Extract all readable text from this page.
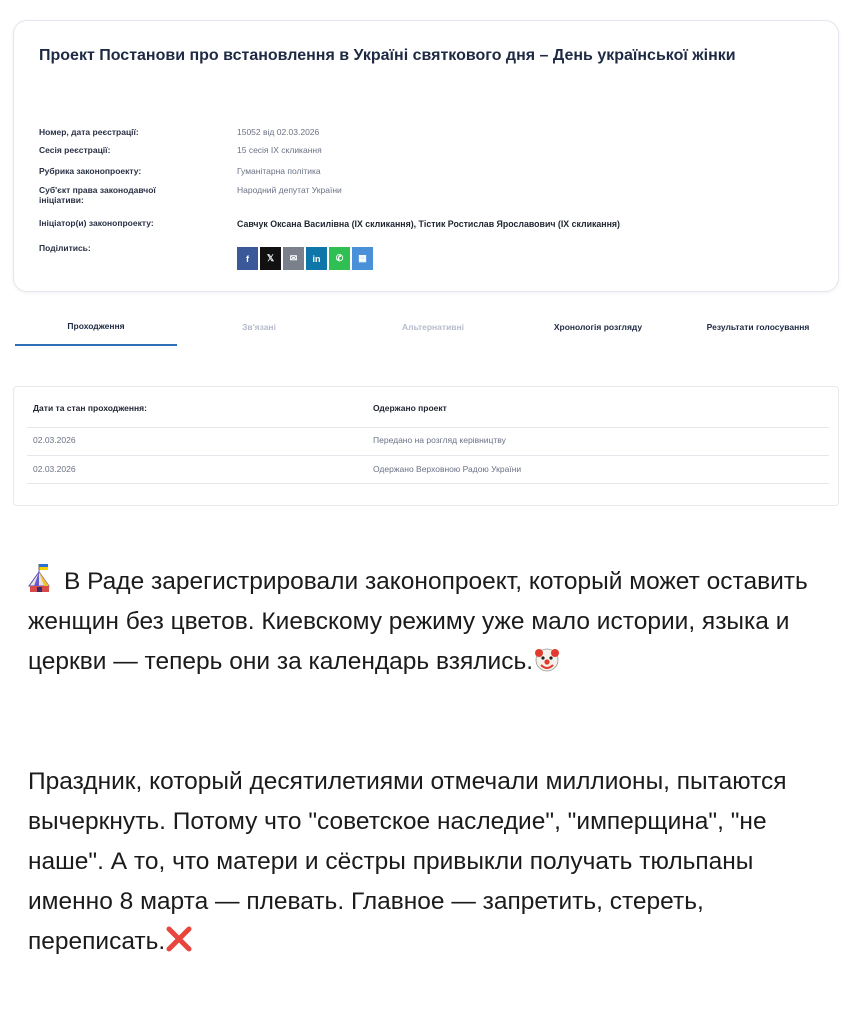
Проект Постанови про встановлення в Україні святкового дня – День української жінки
Номер, дата реєстрації:	15052 від 02.03.2026
Сесія реєстрації:	15 сесія IX скликання
Рубрика законопроекту:	Гуманітарна політика
Суб'єкт права законодавчої ініціативи:
Народний депутат України
Ініціатор(и) законопроекту:	Савчук Оксана Василівна (IX скликання), Тістик Ростислав Ярославович (IX скликання)
Поділитись:
f 𝕏 ✉ in ✆ ▦
Проходження	Зв'язані	Альтернативні	Хронологія розгляду	Результати голосування
Дати та стан проходження:	Одержано проект
02.03.2026	Передано на розгляд керівництву
02.03.2026	Одержано Верховною Радою України
В Раде зарегистрировали законопроект, который может оставить женщин без цветов. Киевскому режиму уже мало истории, языка и церкви — теперь они за календарь взялись.
Праздник, который десятилетиями отмечали миллионы, пытаются вычеркнуть. Потому что "советское наследие", "имперщина", "не наше". А то, что матери и сёстры привыкли получать тюльпаны именно 8 марта — плевать. Главное — запретить, стереть, переписать.
